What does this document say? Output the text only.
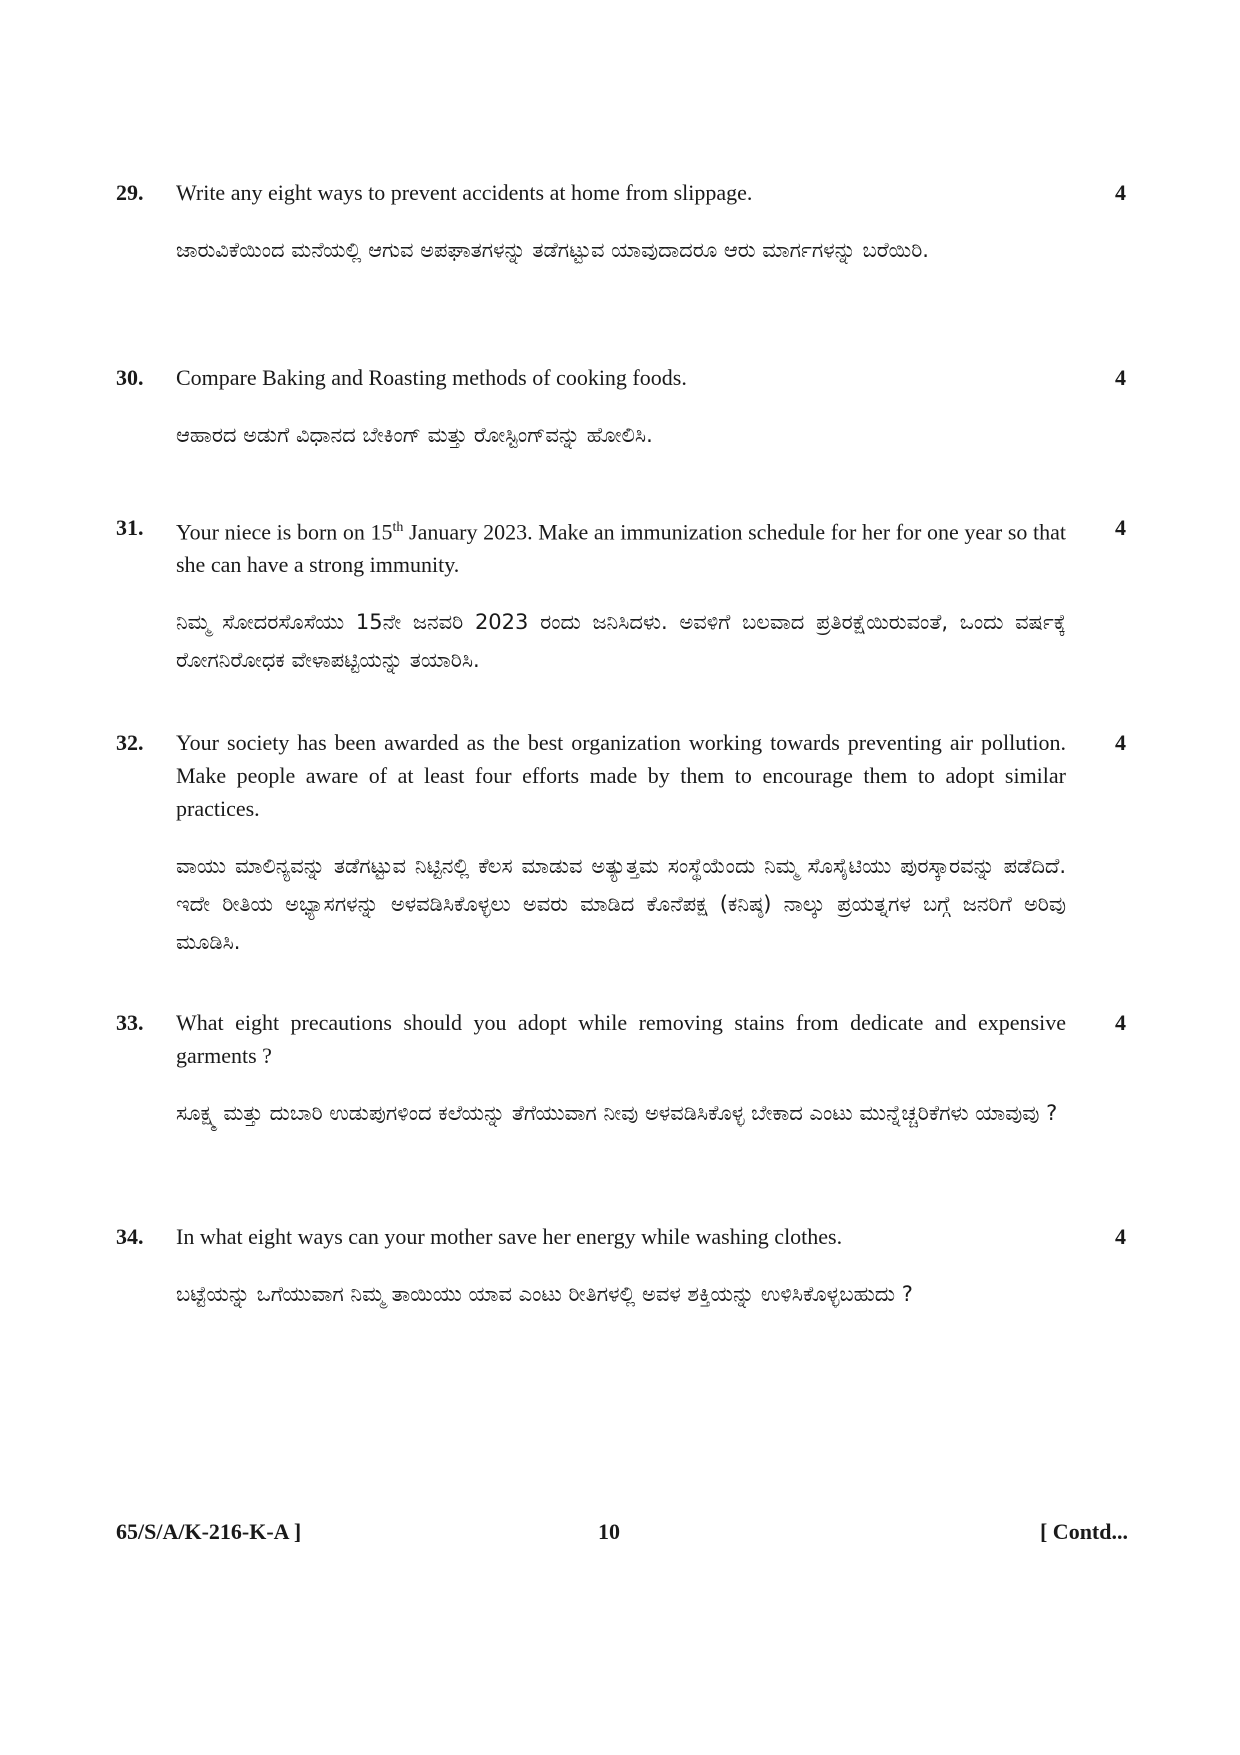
29.	4
Write any eight ways to prevent accidents at home from slippage.
ಜಾರುವಿಕೆಯಿಂದ ಮನೆಯಲ್ಲಿ ಆಗುವ ಅಪಘಾತಗಳನ್ನು ತಡೆಗಟ್ಟುವ ಯಾವುದಾದರೂ ಆರು ಮಾರ್ಗಗಳನ್ನು ಬರೆಯಿರಿ.
30.	4
Compare Baking and Roasting methods of cooking foods.
ಆಹಾರದ ಅಡುಗೆ ವಿಧಾನದ ಬೇಕಿಂಗ್ ಮತ್ತು ರೋಸ್ಟಿಂಗ್‌ವನ್ನು ಹೋಲಿಸಿ.
31.	4
Your niece is born on 15th January 2023. Make an immunization schedule for her for one year so that she can have a strong immunity.
ನಿಮ್ಮ ಸೋದರಸೊಸೆಯು 15ನೇ ಜನವರಿ 2023 ರಂದು ಜನಿಸಿದಳು. ಅವಳಿಗೆ ಬಲವಾದ ಪ್ರತಿರಕ್ಷೆಯಿರುವಂತೆ, ಒಂದು ವರ್ಷಕ್ಕೆ ರೋಗನಿರೋಧಕ ವೇಳಾಪಟ್ಟಿಯನ್ನು ತಯಾರಿಸಿ.
32.	4
Your society has been awarded as the best organization working towards preventing air pollution. Make people aware of at least four efforts made by them to encourage them to adopt similar practices.
ವಾಯು ಮಾಲಿನ್ಯವನ್ನು ತಡೆಗಟ್ಟುವ ನಿಟ್ಟಿನಲ್ಲಿ ಕೆಲಸ ಮಾಡುವ ಅತ್ಯುತ್ತಮ ಸಂಸ್ಥೆಯೆಂದು ನಿಮ್ಮ ಸೊಸೈಟಿಯು ಪುರಸ್ಕಾರವನ್ನು ಪಡೆದಿದೆ. ಇದೇ ರೀತಿಯ ಅಭ್ಯಾಸಗಳನ್ನು ಅಳವಡಿಸಿಕೊಳ್ಳಲು ಅವರು ಮಾಡಿದ ಕೊನೆಪಕ್ಷ (ಕನಿಷ್ಠ) ನಾಲ್ಕು ಪ್ರಯತ್ನಗಳ ಬಗ್ಗೆ ಜನರಿಗೆ ಅರಿವು ಮೂಡಿಸಿ.
33.	4
What eight precautions should you adopt while removing stains from dedicate and expensive garments ?
ಸೂಕ್ಷ್ಮ ಮತ್ತು ದುಬಾರಿ ಉಡುಪುಗಳಿಂದ ಕಲೆಯನ್ನು ತೆಗೆಯುವಾಗ ನೀವು ಅಳವಡಿಸಿಕೊಳ್ಳ ಬೇಕಾದ ಎಂಟು ಮುನ್ನೆಚ್ಚರಿಕೆಗಳು ಯಾವುವು ?
34.	4
In what eight ways can your mother save her energy while washing clothes.
ಬಟ್ಟೆಯನ್ನು ಒಗೆಯುವಾಗ ನಿಮ್ಮ ತಾಯಿಯು ಯಾವ ಎಂಟು ರೀತಿಗಳಲ್ಲಿ ಅವಳ ಶಕ್ತಿಯನ್ನು ಉಳಿಸಿಕೊಳ್ಳಬಹುದು ?
65/S/A/K-216-K-A ]	10	[ Contd...
